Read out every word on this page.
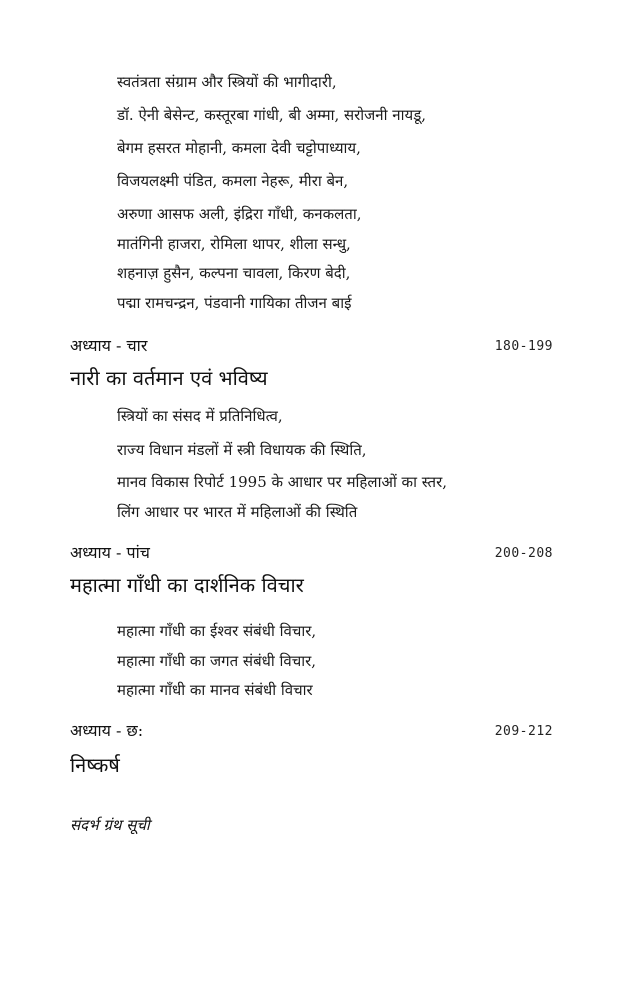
स्वतंत्रता संग्राम और स्त्रियों की भागीदारी,
डॉ. ऐनी बेसेन्ट, कस्तूरबा गांधी, बी अम्मा, सरोजनी नायडू,
बेगम हसरत मोहानी, कमला देवी चट्टोपाध्याय,
विजयलक्ष्मी पंडित, कमला नेहरू, मीरा बेन,
अरुणा आसफ अली, इंद्रिरा गाँधी, कनकलता,
मातंगिनी हाजरा, रोमिला थापर, शीला सन्धु,
शहनाज़ हुसैन, कल्पना चावला, किरण बेदी,
पद्मा रामचन्द्रन, पंडवानी गायिका तीजन बाई
अध्याय - चार	180-199
नारी का वर्तमान एवं भविष्य
स्त्रियों का संसद में प्रतिनिधित्व,
राज्य विधान मंडलों में स्त्री विधायक की स्थिति,
मानव विकास रिपोर्ट 1995 के आधार पर महिलाओं का स्तर,
लिंग आधार पर भारत में महिलाओं की स्थिति
अध्याय - पांच	200-208
महात्मा गाँधी का दार्शनिक विचार
महात्मा गाँधी का ईश्वर संबंधी विचार,
महात्मा गाँधी का जगत संबंधी विचार,
महात्मा गाँधी का मानव संबंधी विचार
अध्याय - छ:	209-212
निष्कर्ष
संदर्भ ग्रंथ सूची
